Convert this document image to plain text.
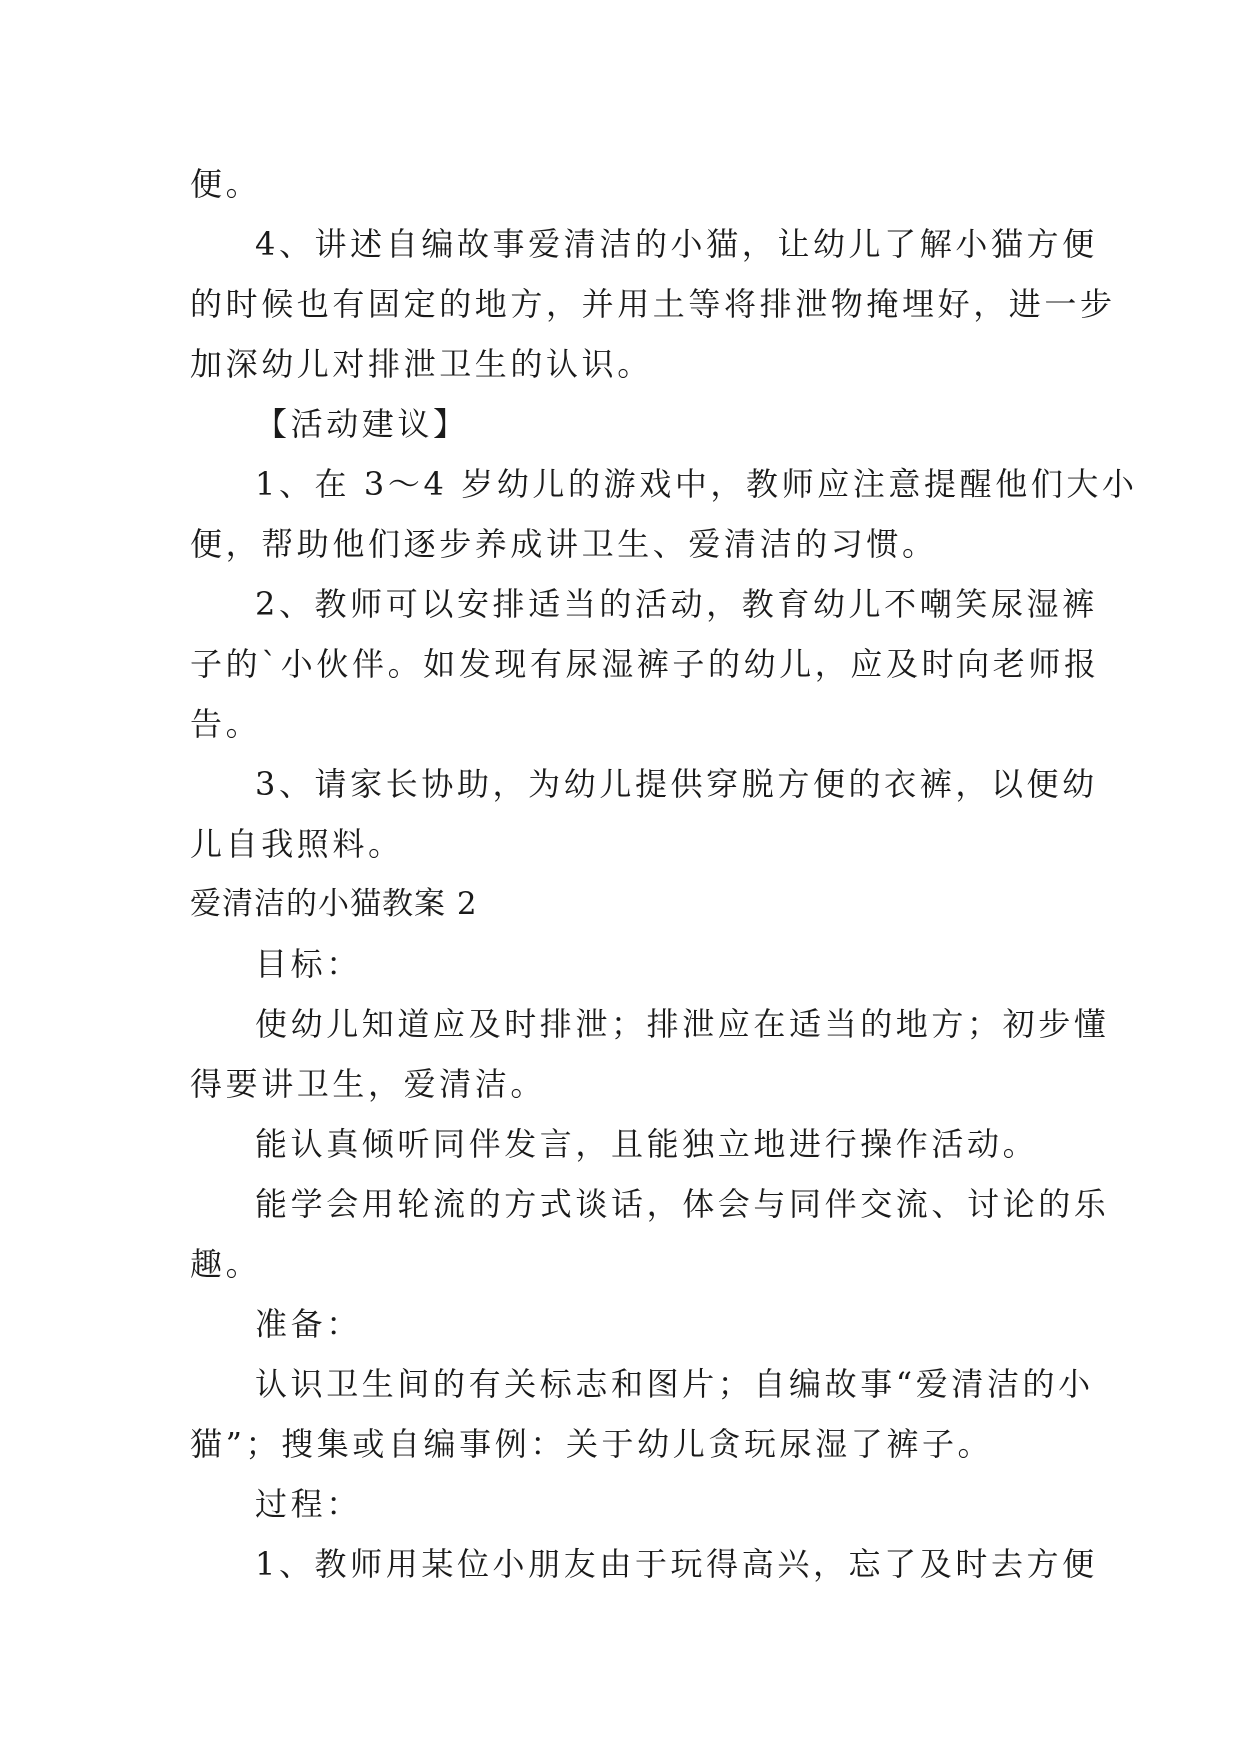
便。
4、讲述自编故事爱清洁的小猫，让幼儿了解小猫方便
的时候也有固定的地方，并用土等将排泄物掩埋好，进一步
加深幼儿对排泄卫生的认识。
【活动建议】
1、在 3～4 岁幼儿的游戏中，教师应注意提醒他们大小
便，帮助他们逐步养成讲卫生、爱清洁的习惯。
2、教师可以安排适当的活动，教育幼儿不嘲笑尿湿裤
子的`小伙伴。如发现有尿湿裤子的幼儿，应及时向老师报
告。
3、请家长协助，为幼儿提供穿脱方便的衣裤，以便幼
儿自我照料。
爱清洁的小猫教案 2
目标：
使幼儿知道应及时排泄；排泄应在适当的地方；初步懂
得要讲卫生，爱清洁。
能认真倾听同伴发言，且能独立地进行操作活动。
能学会用轮流的方式谈话，体会与同伴交流、讨论的乐
趣。
准备：
认识卫生间的有关标志和图片；自编故事“爱清洁的小
猫”；搜集或自编事例：关于幼儿贪玩尿湿了裤子。
过程：
1、教师用某位小朋友由于玩得高兴，忘了及时去方便
